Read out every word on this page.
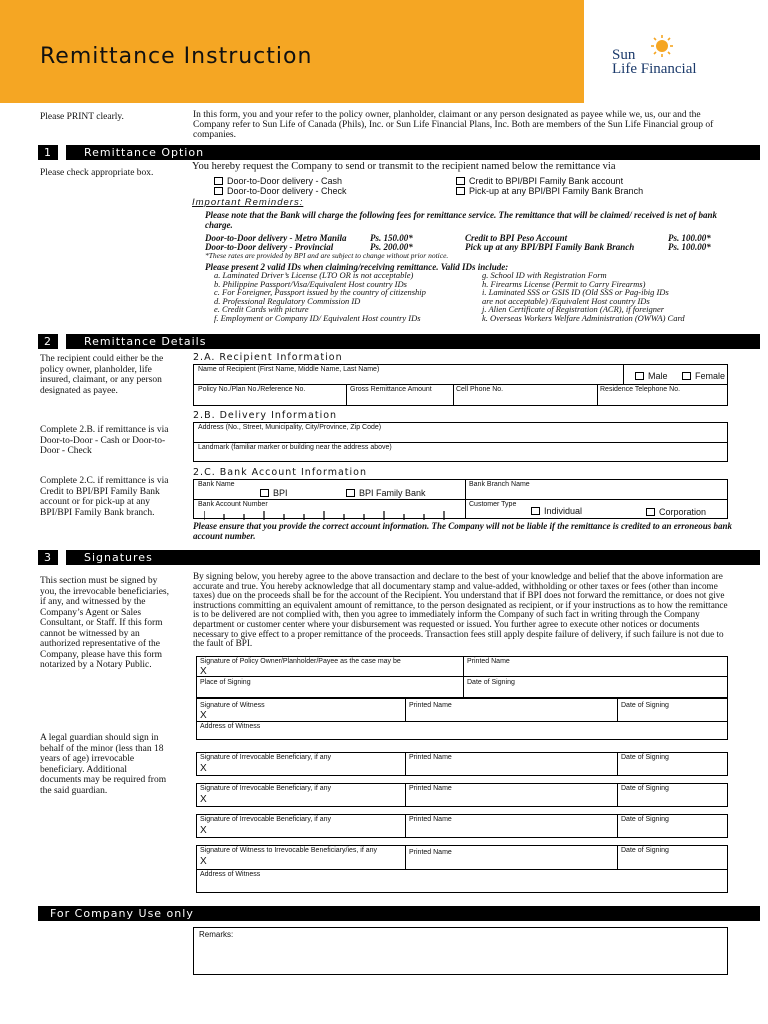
Remittance Instruction	Sun
Life Financial
Please PRINT clearly.	In this form, you and your refer to the policy owner, planholder, claimant or any person designated as payee while we, us, our and the Company refer to Sun Life of Canada (Phils), Inc. or Sun Life Financial Plans, Inc. Both are members of the Sun Life Financial group of companies.
1	Remittance Option
Please check appropriate box.
You hereby request the Company to send or transmit to the recipient named below the remittance via
Door-to-Door delivery - Cash
Door-to-Door delivery - Check
Credit to BPI/BPI Family Bank account
Pick-up at any BPI/BPI Family Bank Branch
Important Reminders:
Please note that the Bank will charge the following fees for remittance service. The remittance that will be claimed/ received is net of bank charge.
Door-to-Door delivery - Metro Manila	Ps. 150.00*
Door-to-Door delivery - Provincial	Ps. 200.00*
Credit to BPI Peso Account	Ps. 100.00*
Pick up at any BPI/BPI Family Bank Branch	Ps. 100.00*
*These rates are provided by BPI and are subject to change without prior notice.
Please present 2 valid IDs when claiming/receiving remittance. Valid IDs include:
a. Laminated Driver’s License (LTO OR is not acceptable)
b. Philippine Passport/Visa/Equivalent Host country IDs
c. For Foreigner, Passport issued by the country of citizenship
d. Professional Regulatory Commission ID
e. Credit Cards with picture
f. Employment or Company ID/ Equivalent Host country IDs
g. School ID with Registration Form
h. Firearms License (Permit to Carry Firearms)
i. Laminated SSS or GSIS ID (Old SSS or Pag-ibig IDs
are not acceptable) /Equivalent Host country IDs
j. Alien Certificate of Registration (ACR), if foreigner
k. Overseas Workers Welfare Administration (OWWA) Card
2	Remittance Details
The recipient could either be the policy owner, planholder, life insured, claimant, or any person designated as payee.
Complete 2.B. if remittance is via Door-to-Door - Cash or Door-to-Door - Check
Complete 2.C. if remittance is via Credit to BPI/BPI Family Bank account or for pick-up at any BPI/BPI Family Bank branch.
2.A. Recipient Information
Name of Recipient (First Name, Middle Name, Last Name)
Male	Female
Policy No./Plan No./Reference No.	Gross Remittance Amount	Cell Phone No.	Residence Telephone No.
2.B. Delivery Information
Address (No., Street, Municipality, City/Province, Zip Code)
Landmark (familiar marker or building near the address above)
2.C. Bank Account Information
Bank Name
BPI	BPI Family Bank
Bank Branch Name
Bank Account Number	Customer Type
Individual	Corporation
Please ensure that you provide the correct account information. The Company will not be liable if the remittance is credited to an erroneous bank account number.
3	Signatures
This section must be signed by you, the irrevocable beneficiaries, if any, and witnessed by the Company’s Agent or Sales Consultant, or Staff. If this form cannot be witnessed by an authorized representative of the Company, please have this form notarized by a Notary Public.
A legal guardian should sign in behalf of the minor (less than 18 years of age) irrevocable beneficiary. Additional documents may be required from the said guardian.
By signing below, you hereby agree to the above transaction and declare to the best of your knowledge and belief that the above information are accurate and true. You hereby acknowledge that all documentary stamp and value-added, withholding or other taxes or fees (other than income taxes) due on the proceeds shall be for the account of the Recipient. You understand that if BPI does not forward the remittance, or does not give instructions committing an equivalent amount of remittance, to the person designated as recipient, or if your instructions as to how the remittance is to be delivered are not complied with, then you agree to immediately inform the Company of such fact in writing through the Company department or customer center where your disbursement was requested or issued. You further agree to execute other notices or documents necessary to give effect to a proper remittance of the proceeds. Transaction fees still apply despite failure of delivery, if such failure is not due to the fault of BPI.
Signature of Policy Owner/Planholder/Payee as the case may be
X
Printed Name
Place of Signing	Date of Signing
Signature of Witness
X
Printed Name	Date of Signing
Address of Witness
Signature of Irrevocable Beneficiary, if any
X
Printed Name	Date of Signing
Signature of Irrevocable Beneficiary, if any
X
Printed Name	Date of Signing
Signature of Irrevocable Beneficiary, if any
X
Printed Name	Date of Signing
Signature of Witness to Irrevocable Beneficiary/ies, if any
X
Printed Name	Date of Signing
Address of Witness
For Company Use only
Remarks:
